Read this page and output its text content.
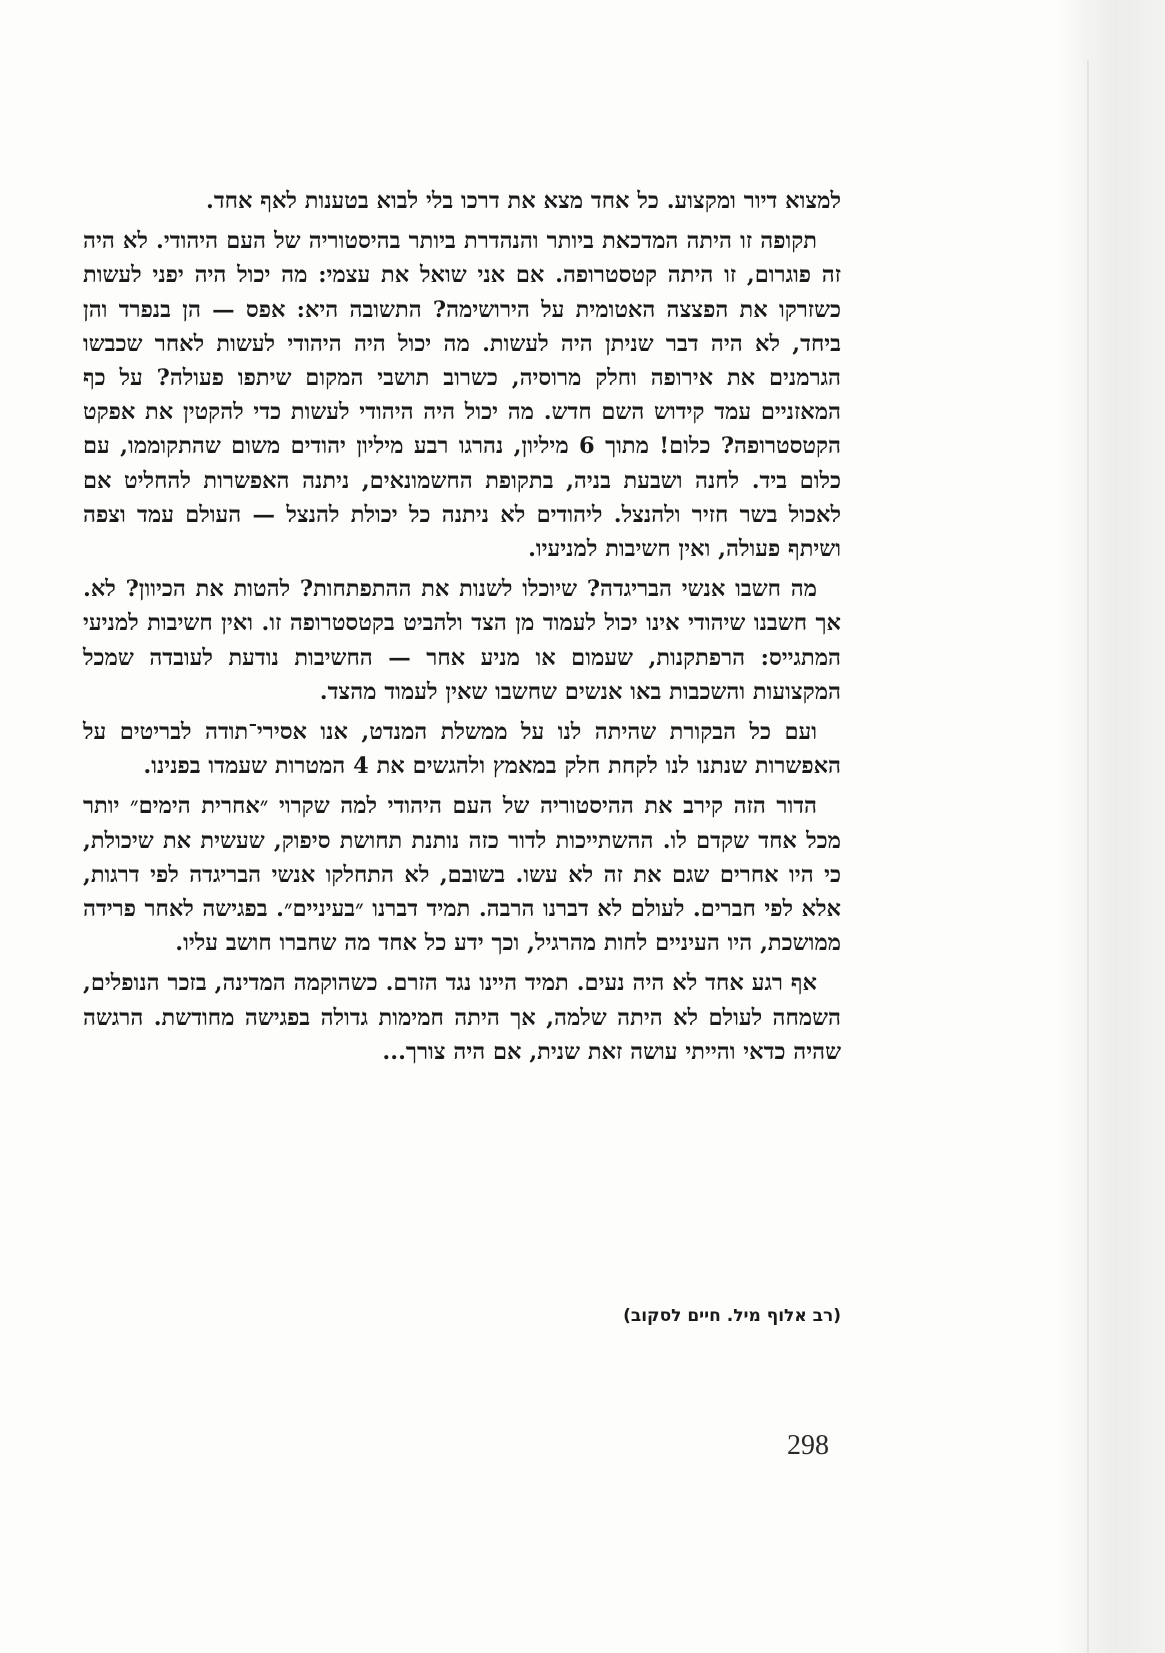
למצוא דיור ומקצוע. כל אחד מצא את דרכו בלי לבוא בטענות לאף אחד.

תקופה זו היתה המדכאת ביותר והנהדרת ביותר בהיסטוריה של העם היהודי. לא היה זה פוגרום, זו היתה קטסטרופה. אם אני שואל את עצמי: מה יכול היה יפני לעשות כשזרקו את הפצצה האטומית על הירושימה? התשובה היא: אפס — הן בנפרד והן ביחד, לא היה דבר שניתן היה לעשות. מה יכול היה היהודי לעשות לאחר שכבשו הגרמנים את אירופה וחלק מרוסיה, כשרוב תושבי המקום שיתפו פעולה? על כף המאזניים עמד קידוש השם חדש. מה יכול היה היהודי לעשות כדי להקטין את אפקט הקטסטרופה? כלום! מתוך 6 מיליון, נהרגו רבע מיליון יהודים משום שהתקוממו, עם כלום ביד. לחנה ושבעת בניה, בתקופת החשמונאים, ניתנה האפשרות להחליט אם לאכול בשר חזיר ולהנצל. ליהודים לא ניתנה כל יכולת להנצל — העולם עמד וצפה ושיתף פעולה, ואין חשיבות למניעיו.

מה חשבו אנשי הבריגדה? שיוכלו לשנות את ההתפתחות? להטות את הכיוון? לא. אך חשבנו שיהודי אינו יכול לעמוד מן הצד ולהביט בקטסטרופה זו. ואין חשיבות למניעי המתגייס: הרפתקנות, שעמום או מניע אחר — החשיבות נודעת לעובדה שמכל המקצועות והשכבות באו אנשים שחשבו שאין לעמוד מהצד.

ועם כל הבקורת שהיתה לנו על ממשלת המנדט, אנו אסירי־תודה לבריטים על האפשרות שנתנו לנו לקחת חלק במאמץ ולהגשים את 4 המטרות שעמדו בפנינו.

הדור הזה קירב את ההיסטוריה של העם היהודי למה שקרוי ״אחרית הימים״ יותר מכל אחד שקדם לו. ההשתייכות לדור כזה נותנת תחושת סיפוק, שעשית את שיכולת, כי היו אחרים שגם את זה לא עשו. בשובם, לא התחלקו אנשי הבריגדה לפי דרגות, אלא לפי חברים. לעולם לא דברנו הרבה. תמיד דברנו ״בעיניים״. בפגישה לאחר פרידה ממושכת, היו העיניים לחות מהרגיל, וכך ידע כל אחד מה שחברו חושב עליו.

אף רגע אחד לא היה נעים. תמיד היינו נגד הזרם. כשהוקמה המדינה, בזכר הנופלים, השמחה לעולם לא היתה שלמה, אך היתה חמימות גדולה בפגישה מחודשת. הרגשה שהיה כדאי והייתי עושה זאת שנית, אם היה צורך...

(רב אלוף מיל. חיים לסקוב)
298
